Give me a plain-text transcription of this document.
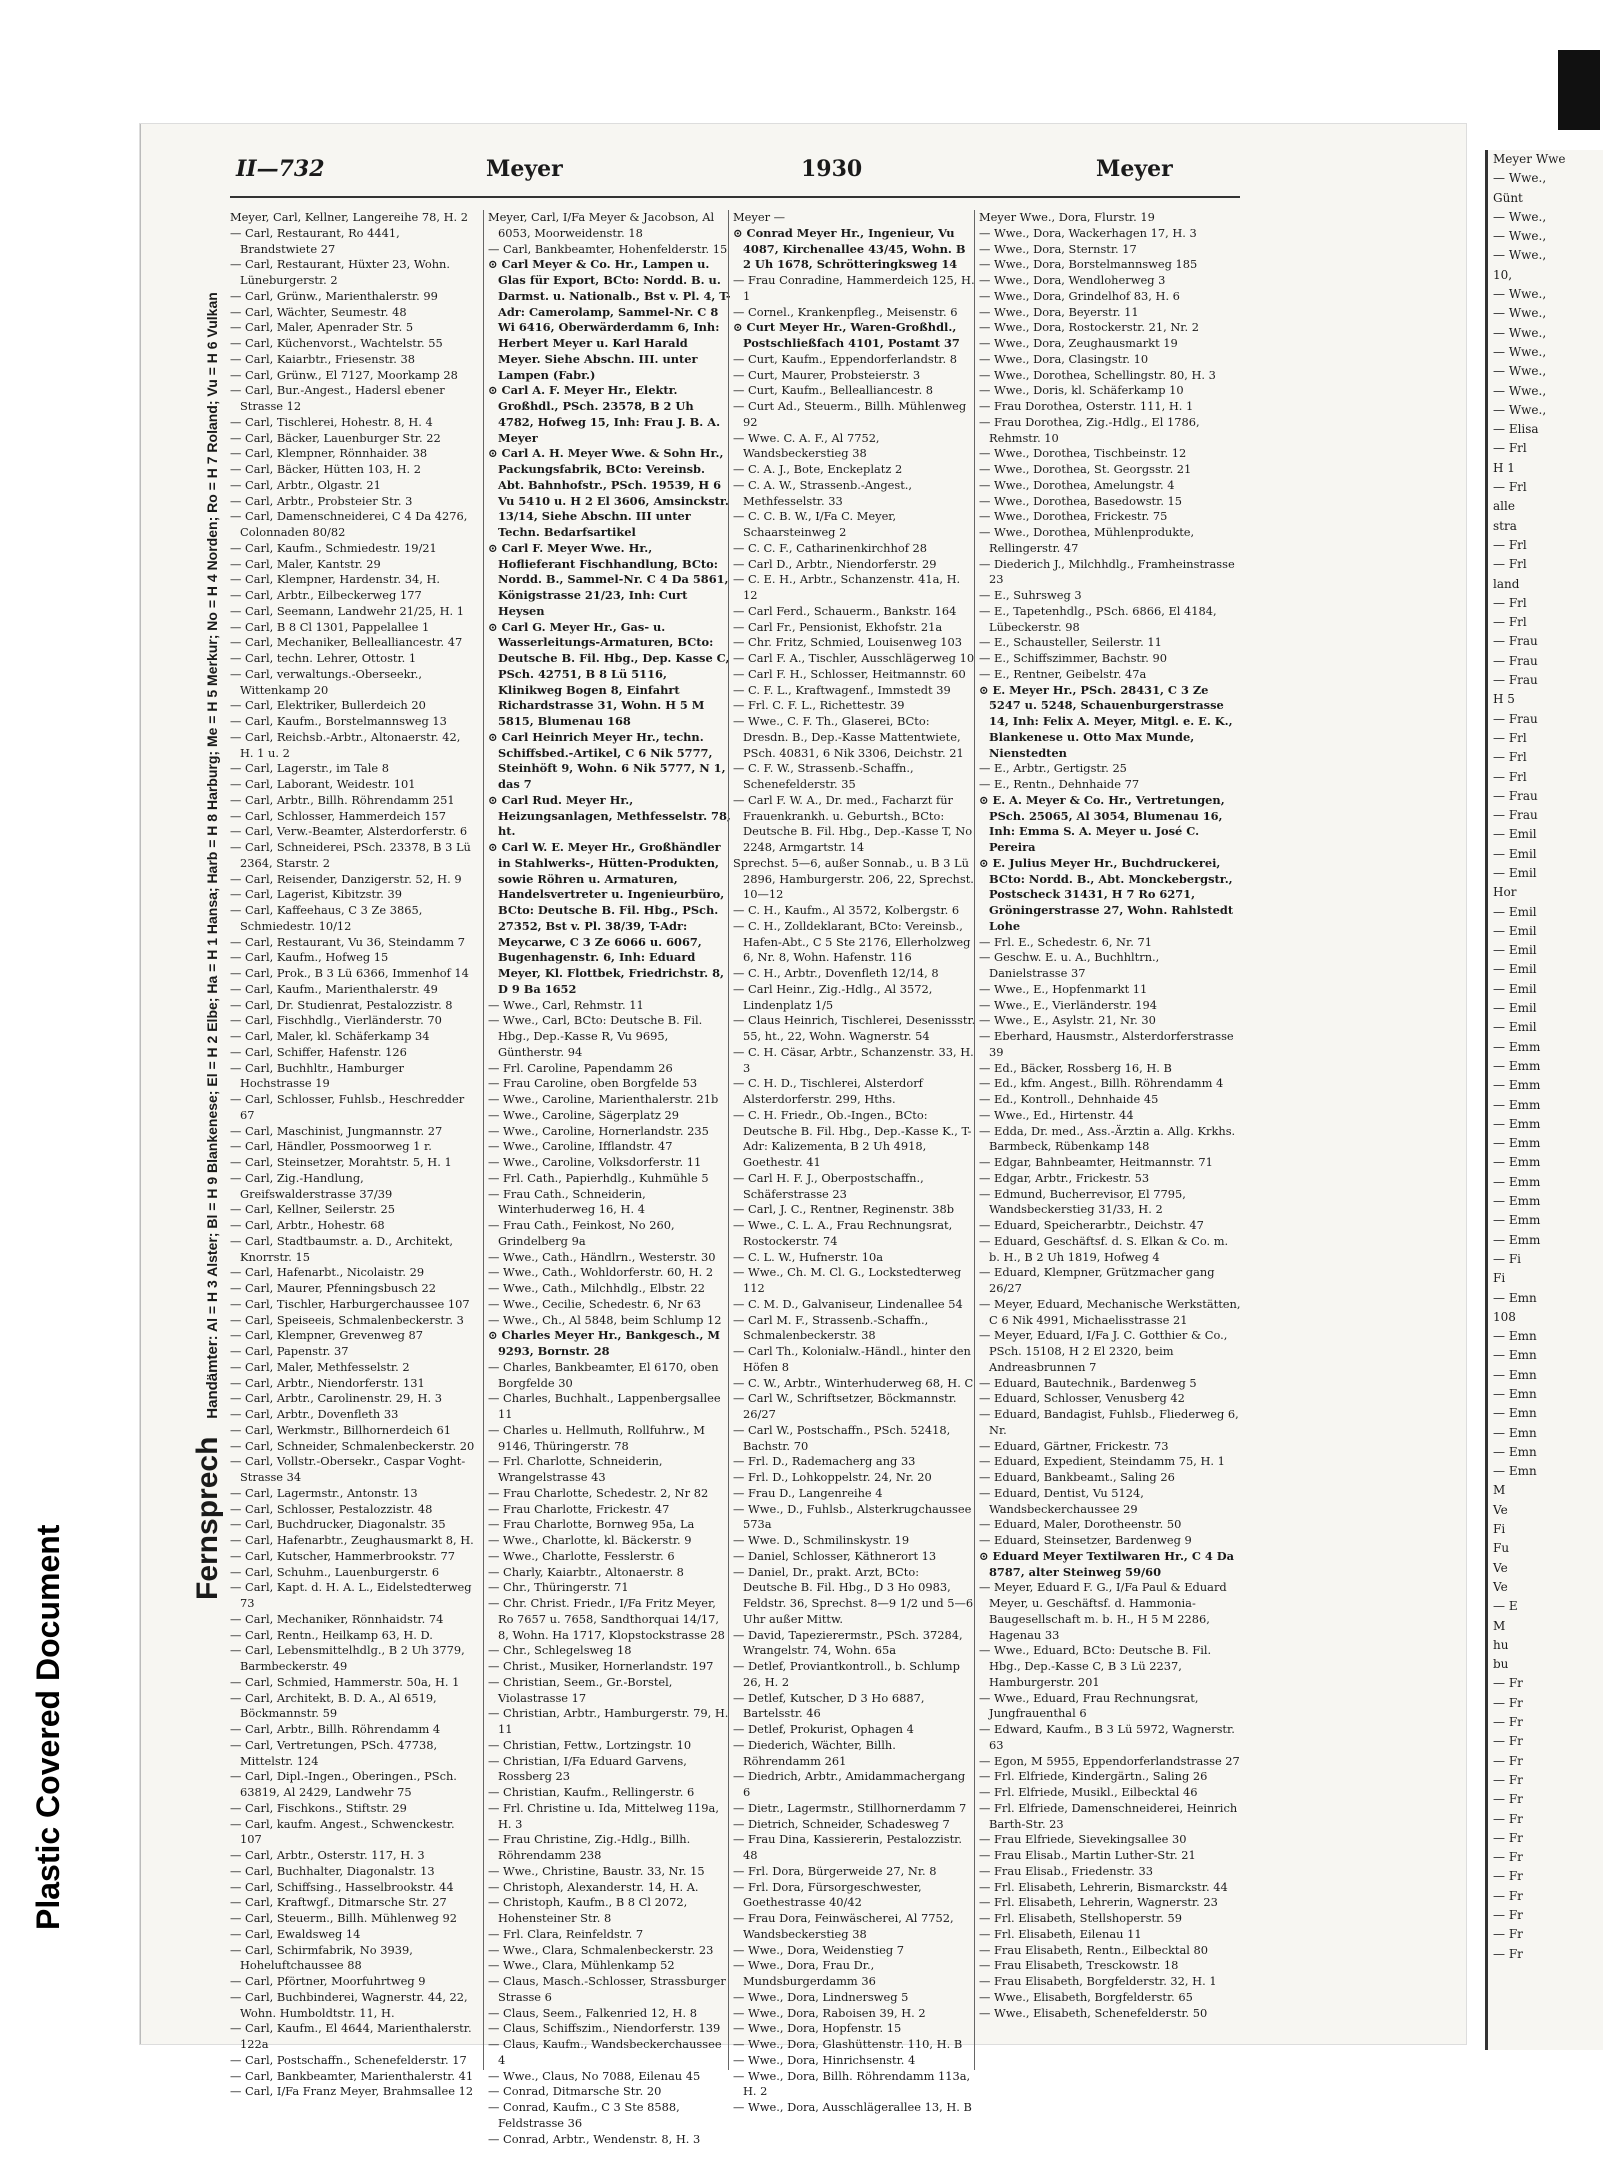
Plastic Covered Document
Meyer Wwe
— Wwe.,
Günt
— Wwe.,
— Wwe.,
— Wwe.,
10,
— Wwe.,
— Wwe.,
— Wwe.,
— Wwe.,
— Wwe.,
— Wwe.,
— Wwe.,
— Elisa
— Frl
H 1
— Frl
alle
stra
— Frl
— Frl
land
— Frl
— Frl
— Frau
— Frau
— Frau
H 5
— Frau
— Frl
— Frl
— Frl
— Frau
— Frau
— Emil
— Emil
— Emil
Hor
— Emil
— Emil
— Emil
— Emil
— Emil
— Emil
— Emil
— Emm
— Emm
— Emm
— Emm
— Emm
— Emm
— Emm
— Emm
— Emm
— Emm
— Emm
— Fi
Fi
— Emn
108
— Emn
— Emn
— Emn
— Emn
— Emn
— Emn
— Emn
— Emn
M
Ve
Fi
Fu
Ve
Ve
— E
M
hu
bu
— Fr
— Fr
— Fr
— Fr
— Fr
— Fr
— Fr
— Fr
— Fr
— Fr
— Fr
— Fr
— Fr
— Fr
— Fr
II—732	Meyer	1930	Meyer
Fernsprech Handämter: Al = H 3 Alster; Bl = H 9 Blankenese; El = H 2 Elbe; Ha = H 1 Hansa; Harb = H 8 Harburg; Me = H 5 Merkur; No = H 4 Norden; Ro = H 7 Roland; Vu = H 6 Vulkan
Meyer, Carl, Kellner, Langereihe 78, H. 2
— Carl, Restaurant, Ro 4441, Brandstwiete 27
— Carl, Restaurant, Hüxter 23, Wohn. Lüneburgerstr. 2
— Carl, Grünw., Marienthalerstr. 99
— Carl, Wächter, Seumestr. 48
— Carl, Maler, Apenrader Str. 5
— Carl, Küchenvorst., Wachtelstr. 55
— Carl, Kaiarbtr., Friesenstr. 38
— Carl, Grünw., El 7127, Moorkamp 28
— Carl, Bur.-Angest., Hadersl ebener Strasse 12
— Carl, Tischlerei, Hohestr. 8, H. 4
— Carl, Bäcker, Lauenburger Str. 22
— Carl, Klempner, Rönnhaider. 38
— Carl, Bäcker, Hütten 103, H. 2
— Carl, Arbtr., Olgastr. 21
— Carl, Arbtr., Probsteier Str. 3
— Carl, Damenschneiderei, C 4 Da 4276, Colonnaden 80/82
— Carl, Kaufm., Schmiedestr. 19/21
— Carl, Maler, Kantstr. 29
— Carl, Klempner, Hardenstr. 34, H.
— Carl, Arbtr., Eilbeckerweg 177
— Carl, Seemann, Landwehr 21/25, H. 1
— Carl, B 8 Cl 1301, Pappelallee 1
— Carl, Mechaniker, Bellealliancestr. 47
— Carl, techn. Lehrer, Ottostr. 1
— Carl, verwaltungs.-Oberseekr., Wittenkamp 20
— Carl, Elektriker, Bullerdeich 20
— Carl, Kaufm., Borstelmannsweg 13
— Carl, Reichsb.-Arbtr., Altonaerstr. 42, H. 1 u. 2
— Carl, Lagerstr., im Tale 8
— Carl, Laborant, Weidestr. 101
— Carl, Arbtr., Billh. Röhrendamm 251
— Carl, Schlosser, Hammerdeich 157
— Carl, Verw.-Beamter, Alsterdorferstr. 6
— Carl, Schneiderei, PSch. 23378, B 3 Lü 2364, Starstr. 2
— Carl, Reisender, Danzigerstr. 52, H. 9
— Carl, Lagerist, Kibitzstr. 39
— Carl, Kaffeehaus, C 3 Ze 3865, Schmiedestr. 10/12
— Carl, Restaurant, Vu 36, Steindamm 7
— Carl, Kaufm., Hofweg 15
— Carl, Prok., B 3 Lü 6366, Immenhof 14
— Carl, Kaufm., Marienthalerstr. 49
— Carl, Dr. Studienrat, Pestalozzistr. 8
— Carl, Fischhdlg., Vierländerstr. 70
— Carl, Maler, kl. Schäferkamp 34
— Carl, Schiffer, Hafenstr. 126
— Carl, Buchhltr., Hamburger Hochstrasse 19
— Carl, Schlosser, Fuhlsb., Heschredder 67
— Carl, Maschinist, Jungmannstr. 27
— Carl, Händler, Possmoorweg 1 r.
— Carl, Steinsetzer, Morahtstr. 5, H. 1
— Carl, Zig.-Handlung, Greifswalderstrasse 37/39
— Carl, Kellner, Seilerstr. 25
— Carl, Arbtr., Hohestr. 68
— Carl, Stadtbaumstr. a. D., Architekt, Knorrstr. 15
— Carl, Hafenarbt., Nicolaistr. 29
— Carl, Maurer, Pfenningsbusch 22
— Carl, Tischler, Harburgerchaussee 107
— Carl, Speiseeis, Schmalenbeckerstr. 3
— Carl, Klempner, Grevenweg 87
— Carl, Papenstr. 37
— Carl, Maler, Methfesselstr. 2
— Carl, Arbtr., Niendorferstr. 131
— Carl, Arbtr., Carolinenstr. 29, H. 3
— Carl, Arbtr., Dovenfleth 33
— Carl, Werkmstr., Billhornerdeich 61
— Carl, Schneider, Schmalenbeckerstr. 20
— Carl, Vollstr.-Obersekr., Caspar Voght-Strasse 34
— Carl, Lagermstr., Antonstr. 13
— Carl, Schlosser, Pestalozzistr. 48
— Carl, Buchdrucker, Diagonalstr. 35
— Carl, Hafenarbtr., Zeughausmarkt 8, H.
— Carl, Kutscher, Hammerbrookstr. 77
— Carl, Schuhm., Lauenburgerstr. 6
— Carl, Kapt. d. H. A. L., Eidelstedterweg 73
— Carl, Mechaniker, Rönnhaidstr. 74
— Carl, Rentn., Heilkamp 63, H. D.
— Carl, Lebensmittelhdlg., B 2 Uh 3779, Barmbeckerstr. 49
— Carl, Schmied, Hammerstr. 50a, H. 1
— Carl, Architekt, B. D. A., Al 6519, Böckmannstr. 59
— Carl, Arbtr., Billh. Röhrendamm 4
— Carl, Vertretungen, PSch. 47738, Mittelstr. 124
— Carl, Dipl.-Ingen., Oberingen., PSch. 63819, Al 2429, Landwehr 75
— Carl, Fischkons., Stiftstr. 29
— Carl, kaufm. Angest., Schwenckestr. 107
— Carl, Arbtr., Osterstr. 117, H. 3
— Carl, Buchhalter, Diagonalstr. 13
— Carl, Schiffsing., Hasselbrookstr. 44
— Carl, Kraftwgf., Ditmarsche Str. 27
— Carl, Steuerm., Billh. Mühlenweg 92
— Carl, Ewaldsweg 14
— Carl, Schirmfabrik, No 3939, Hoheluftchaussee 88
— Carl, Pförtner, Moorfuhrtweg 9
— Carl, Buchbinderei, Wagnerstr. 44, 22, Wohn. Humboldtstr. 11, H.
— Carl, Kaufm., El 4644, Marienthalerstr. 122a
— Carl, Postschaffn., Schenefelderstr. 17
— Carl, Bankbeamter, Marienthalerstr. 41
— Carl, I/Fa Franz Meyer, Brahmsallee 12
Meyer, Carl, I/Fa Meyer & Jacobson, Al 6053, Moorweidenstr. 18
— Carl, Bankbeamter, Hohenfelderstr. 15
⊙ Carl Meyer & Co. Hr., Lampen u. Glas für Export, BCto: Nordd. B. u. Darmst. u. Nationalb., Bst v. Pl. 4, T-Adr: Camerolamp, Sammel-Nr. C 8 Wi 6416, Oberwärderdamm 6, Inh: Herbert Meyer u. Karl Harald Meyer. Siehe Abschn. III. unter Lampen (Fabr.)
⊙ Carl A. F. Meyer Hr., Elektr. Großhdl., PSch. 23578, B 2 Uh 4782, Hofweg 15, Inh: Frau J. B. A. Meyer
⊙ Carl A. H. Meyer Wwe. & Sohn Hr., Packungsfabrik, BCto: Vereinsb. Abt. Bahnhofstr., PSch. 19539, H 6 Vu 5410 u. H 2 El 3606, Amsinckstr. 13/14, Siehe Abschn. III unter Techn. Bedarfsartikel
⊙ Carl F. Meyer Wwe. Hr., Hoflieferant Fischhandlung, BCto: Nordd. B., Sammel-Nr. C 4 Da 5861, Königstrasse 21/23, Inh: Curt Heysen
⊙ Carl G. Meyer Hr., Gas- u. Wasserleitungs-Armaturen, BCto: Deutsche B. Fil. Hbg., Dep. Kasse C, PSch. 42751, B 8 Lü 5116, Klinikweg Bogen 8, Einfahrt Richardstrasse 31, Wohn. H 5 M 5815, Blumenau 168
⊙ Carl Heinrich Meyer Hr., techn. Schiffsbed.-Artikel, C 6 Nik 5777, Steinhöft 9, Wohn. 6 Nik 5777, N 1, das 7
⊙ Carl Rud. Meyer Hr., Heizungsanlagen, Methfesselstr. 78, ht.
⊙ Carl W. E. Meyer Hr., Großhändler in Stahlwerks-, Hütten-Produkten, sowie Röhren u. Armaturen, Handelsvertreter u. Ingenieurbüro, BCto: Deutsche B. Fil. Hbg., PSch. 27352, Bst v. Pl. 38/39, T-Adr: Meycarwe, C 3 Ze 6066 u. 6067, Bugenhagenstr. 6, Inh: Eduard Meyer, Kl. Flottbek, Friedrichstr. 8, D 9 Ba 1652
— Wwe., Carl, Rehmstr. 11
— Wwe., Carl, BCto: Deutsche B. Fil. Hbg., Dep.-Kasse R, Vu 9695, Güntherstr. 94
— Frl. Caroline, Papendamm 26
— Frau Caroline, oben Borgfelde 53
— Wwe., Caroline, Marienthalerstr. 21b
— Wwe., Caroline, Sägerplatz 29
— Wwe., Caroline, Hornerlandstr. 235
— Wwe., Caroline, Ifflandstr. 47
— Wwe., Caroline, Volksdorferstr. 11
— Frl. Cath., Papierhdlg., Kuhmühle 5
— Frau Cath., Schneiderin, Winterhuderweg 16, H. 4
— Frau Cath., Feinkost, No 260, Grindelberg 9a
— Wwe., Cath., Händlrn., Westerstr. 30
— Wwe., Cath., Wohldorferstr. 60, H. 2
— Wwe., Cath., Milchhdlg., Elbstr. 22
— Wwe., Cecilie, Schedestr. 6, Nr 63
— Wwe., Ch., Al 5848, beim Schlump 12
⊙ Charles Meyer Hr., Bankgesch., M 9293, Bornstr. 28
— Charles, Bankbeamter, El 6170, oben Borgfelde 30
— Charles, Buchhalt., Lappenbergsallee 11
— Charles u. Hellmuth, Rollfuhrw., M 9146, Thüringerstr. 78
— Frl. Charlotte, Schneiderin, Wrangelstrasse 43
— Frau Charlotte, Schedestr. 2, Nr 82
— Frau Charlotte, Frickestr. 47
— Frau Charlotte, Bornweg 95a, La
— Wwe., Charlotte, kl. Bäckerstr. 9
— Wwe., Charlotte, Fesslerstr. 6
— Charly, Kaiarbtr., Altonaerstr. 8
— Chr., Thüringerstr. 71
— Chr. Christ. Friedr., I/Fa Fritz Meyer, Ro 7657 u. 7658, Sandthorquai 14/17, 8, Wohn. Ha 1717, Klopstockstrasse 28
— Chr., Schlegelsweg 18
— Christ., Musiker, Hornerlandstr. 197
— Christian, Seem., Gr.-Borstel, Violastrasse 17
— Christian, Arbtr., Hamburgerstr. 79, H. 11
— Christian, Fettw., Lortzingstr. 10
— Christian, I/Fa Eduard Garvens, Rossberg 23
— Christian, Kaufm., Rellingerstr. 6
— Frl. Christine u. Ida, Mittelweg 119a, H. 3
— Frau Christine, Zig.-Hdlg., Billh. Röhrendamm 238
— Wwe., Christine, Baustr. 33, Nr. 15
— Christoph, Alexanderstr. 14, H. A.
— Christoph, Kaufm., B 8 Cl 2072, Hohensteiner Str. 8
— Frl. Clara, Reinfeldstr. 7
— Wwe., Clara, Schmalenbeckerstr. 23
— Wwe., Clara, Mühlenkamp 52
— Claus, Masch.-Schlosser, Strassburger Strasse 6
— Claus, Seem., Falkenried 12, H. 8
— Claus, Schiffszim., Niendorferstr. 139
— Claus, Kaufm., Wandsbeckerchaussee 4
— Wwe., Claus, No 7088, Eilenau 45
— Conrad, Ditmarsche Str. 20
— Conrad, Kaufm., C 3 Ste 8588, Feldstrasse 36
— Conrad, Arbtr., Wendenstr. 8, H. 3
Meyer —
⊙ Conrad Meyer Hr., Ingenieur, Vu 4087, Kirchenallee 43/45, Wohn. B 2 Uh 1678, Schrötteringksweg 14
— Frau Conradine, Hammerdeich 125, H. 1
— Cornel., Krankenpfleg., Meisenstr. 6
⊙ Curt Meyer Hr., Waren-Großhdl., Postschließfach 4101, Postamt 37
— Curt, Kaufm., Eppendorferlandstr. 8
— Curt, Maurer, Probsteierstr. 3
— Curt, Kaufm., Bellealliancestr. 8
— Curt Ad., Steuerm., Billh. Mühlenweg 92
— Wwe. C. A. F., Al 7752, Wandsbeckerstieg 38
— C. A. J., Bote, Enckeplatz 2
— C. A. W., Strassenb.-Angest., Methfesselstr. 33
— C. C. B. W., I/Fa C. Meyer, Schaarsteinweg 2
— C. C. F., Catharinenkirchhof 28
— Carl D., Arbtr., Niendorferstr. 29
— C. E. H., Arbtr., Schanzenstr. 41a, H. 12
— Carl Ferd., Schauerm., Bankstr. 164
— Carl Fr., Pensionist, Ekhofstr. 21a
— Chr. Fritz, Schmied, Louisenweg 103
— Carl F. A., Tischler, Ausschlägerweg 10
— Carl F. H., Schlosser, Heitmannstr. 60
— C. F. L., Kraftwagenf., Immstedt 39
— Frl. C. F. L., Richettestr. 39
— Wwe., C. F. Th., Glaserei, BCto: Dresdn. B., Dep.-Kasse Mattentwiete, PSch. 40831, 6 Nik 3306, Deichstr. 21
— C. F. W., Strassenb.-Schaffn., Schenefelderstr. 35
— Carl F. W. A., Dr. med., Facharzt für Frauenkrankh. u. Geburtsh., BCto: Deutsche B. Fil. Hbg., Dep.-Kasse T, No 2248, Armgartstr. 14
Sprechst. 5—6, außer Sonnab., u. B 3 Lü 2896, Hamburgerstr. 206, 22, Sprechst. 10—12
— C. H., Kaufm., Al 3572, Kolbergstr. 6
— C. H., Zolldeklarant, BCto: Vereinsb., Hafen-Abt., C 5 Ste 2176, Ellerholzweg 6, Nr. 8, Wohn. Hafenstr. 116
— C. H., Arbtr., Dovenfleth 12/14, 8
— Carl Heinr., Zig.-Hdlg., Al 3572, Lindenplatz 1/5
— Claus Heinrich, Tischlerei, Desenissstr. 55, ht., 22, Wohn. Wagnerstr. 54
— C. H. Cäsar, Arbtr., Schanzenstr. 33, H. 3
— C. H. D., Tischlerei, Alsterdorf Alsterdorferstr. 299, Hths.
— C. H. Friedr., Ob.-Ingen., BCto: Deutsche B. Fil. Hbg., Dep.-Kasse K., T-Adr: Kalizementa, B 2 Uh 4918, Goethestr. 41
— Carl H. F. J., Oberpostschaffn., Schäferstrasse 23
— Carl, J. C., Rentner, Reginenstr. 38b
— Wwe., C. L. A., Frau Rechnungsrat, Rostockerstr. 74
— C. L. W., Hufnerstr. 10a
— Wwe., Ch. M. Cl. G., Lockstedterweg 112
— C. M. D., Galvaniseur, Lindenallee 54
— Carl M. F., Strassenb.-Schaffn., Schmalenbeckerstr. 38
— Carl Th., Kolonialw.-Händl., hinter den Höfen 8
— C. W., Arbtr., Winterhuderweg 68, H. C
— Carl W., Schriftsetzer, Böckmannstr. 26/27
— Carl W., Postschaffn., PSch. 52418, Bachstr. 70
— Frl. D., Rademacherg ang 33
— Frl. D., Lohkoppelstr. 24, Nr. 20
— Frau D., Langenreihe 4
— Wwe., D., Fuhlsb., Alsterkrugchaussee 573a
— Wwe. D., Schmilinskystr. 19
— Daniel, Schlosser, Käthnerort 13
— Daniel, Dr., prakt. Arzt, BCto: Deutsche B. Fil. Hbg., D 3 Ho 0983, Feldstr. 36, Sprechst. 8—9 1/2 und 5—6 Uhr außer Mittw.
— David, Tapezierermstr., PSch. 37284, Wrangelstr. 74, Wohn. 65a
— Detlef, Proviantkontroll., b. Schlump 26, H. 2
— Detlef, Kutscher, D 3 Ho 6887, Bartelsstr. 46
— Detlef, Prokurist, Ophagen 4
— Diederich, Wächter, Billh. Röhrendamm 261
— Diedrich, Arbtr., Amidammachergang 6
— Dietr., Lagermstr., Stillhornerdamm 7
— Dietrich, Schneider, Schadesweg 7
— Frau Dina, Kassiererin, Pestalozzistr. 48
— Frl. Dora, Bürgerweide 27, Nr. 8
— Frl. Dora, Fürsorgeschwester, Goethestrasse 40/42
— Frau Dora, Feinwäscherei, Al 7752, Wandsbeckerstieg 38
— Wwe., Dora, Weidenstieg 7
— Wwe., Dora, Frau Dr., Mundsburgerdamm 36
— Wwe., Dora, Lindnersweg 5
— Wwe., Dora, Raboisen 39, H. 2
— Wwe., Dora, Hopfenstr. 15
— Wwe., Dora, Glashüttenstr. 110, H. B
— Wwe., Dora, Hinrichsenstr. 4
— Wwe., Dora, Billh. Röhrendamm 113a, H. 2
— Wwe., Dora, Ausschlägerallee 13, H. B
Meyer Wwe., Dora, Flurstr. 19
— Wwe., Dora, Wackerhagen 17, H. 3
— Wwe., Dora, Sternstr. 17
— Wwe., Dora, Borstelmannsweg 185
— Wwe., Dora, Wendloherweg 3
— Wwe., Dora, Grindelhof 83, H. 6
— Wwe., Dora, Beyerstr. 11
— Wwe., Dora, Rostockerstr. 21, Nr. 2
— Wwe., Dora, Zeughausmarkt 19
— Wwe., Dora, Clasingstr. 10
— Wwe., Dorothea, Schellingstr. 80, H. 3
— Wwe., Doris, kl. Schäferkamp 10
— Frau Dorothea, Osterstr. 111, H. 1
— Frau Dorothea, Zig.-Hdlg., El 1786, Rehmstr. 10
— Wwe., Dorothea, Tischbeinstr. 12
— Wwe., Dorothea, St. Georgsstr. 21
— Wwe., Dorothea, Amelungstr. 4
— Wwe., Dorothea, Basedowstr. 15
— Wwe., Dorothea, Frickestr. 75
— Wwe., Dorothea, Mühlenprodukte, Rellingerstr. 47
— Diederich J., Milchhdlg., Framheinstrasse 23
— E., Suhrsweg 3
— E., Tapetenhdlg., PSch. 6866, El 4184, Lübeckerstr. 98
— E., Schausteller, Seilerstr. 11
— E., Schiffszimmer, Bachstr. 90
— E., Rentner, Geibelstr. 47a
⊙ E. Meyer Hr., PSch. 28431, C 3 Ze 5247 u. 5248, Schauenburgerstrasse 14, Inh: Felix A. Meyer, Mitgl. e. E. K., Blankenese u. Otto Max Munde, Nienstedten
— E., Arbtr., Gertigstr. 25
— E., Rentn., Dehnhaide 77
⊙ E. A. Meyer & Co. Hr., Vertretungen, PSch. 25065, Al 3054, Blumenau 16, Inh: Emma S. A. Meyer u. José C. Pereira
⊙ E. Julius Meyer Hr., Buchdruckerei, BCto: Nordd. B., Abt. Monckebergstr., Postscheck 31431, H 7 Ro 6271, Gröningerstrasse 27, Wohn. Rahlstedt Lohe
— Frl. E., Schedestr. 6, Nr. 71
— Geschw. E. u. A., Buchhltrn., Danielstrasse 37
— Wwe., E., Hopfenmarkt 11
— Wwe., E., Vierländerstr. 194
— Wwe., E., Asylstr. 21, Nr. 30
— Eberhard, Hausmstr., Alsterdorferstrasse 39
— Ed., Bäcker, Rossberg 16, H. B
— Ed., kfm. Angest., Billh. Röhrendamm 4
— Ed., Kontroll., Dehnhaide 45
— Wwe., Ed., Hirtenstr. 44
— Edda, Dr. med., Ass.-Ärztin a. Allg. Krkhs. Barmbeck, Rübenkamp 148
— Edgar, Bahnbeamter, Heitmannstr. 71
— Edgar, Arbtr., Frickestr. 53
— Edmund, Bucherrevisor, El 7795, Wandsbeckerstieg 31/33, H. 2
— Eduard, Speicherarbtr., Deichstr. 47
— Eduard, Geschäftsf. d. S. Elkan & Co. m. b. H., B 2 Uh 1819, Hofweg 4
— Eduard, Klempner, Grützmacher gang 26/27
— Meyer, Eduard, Mechanische Werkstätten, C 6 Nik 4991, Michaelisstrasse 21
— Meyer, Eduard, I/Fa J. C. Gotthier & Co., PSch. 15108, H 2 El 2320, beim Andreasbrunnen 7
— Eduard, Bautechnik., Bardenweg 5
— Eduard, Schlosser, Venusberg 42
— Eduard, Bandagist, Fuhlsb., Fliederweg 6, Nr.
— Eduard, Gärtner, Frickestr. 73
— Eduard, Expedient, Steindamm 75, H. 1
— Eduard, Bankbeamt., Saling 26
— Eduard, Dentist, Vu 5124, Wandsbeckerchaussee 29
— Eduard, Maler, Dorotheenstr. 50
— Eduard, Steinsetzer, Bardenweg 9
⊙ Eduard Meyer Textilwaren Hr., C 4 Da 8787, alter Steinweg 59/60
— Meyer, Eduard F. G., I/Fa Paul & Eduard Meyer, u. Geschäftsf. d. Hammonia-Baugesellschaft m. b. H., H 5 M 2286, Hagenau 33
— Wwe., Eduard, BCto: Deutsche B. Fil. Hbg., Dep.-Kasse C, B 3 Lü 2237, Hamburgerstr. 201
— Wwe., Eduard, Frau Rechnungsrat, Jungfrauenthal 6
— Edward, Kaufm., B 3 Lü 5972, Wagnerstr. 63
— Egon, M 5955, Eppendorferlandstrasse 27
— Frl. Elfriede, Kindergärtn., Saling 26
— Frl. Elfriede, Musikl., Eilbecktal 46
— Frl. Elfriede, Damenschneiderei, Heinrich Barth-Str. 23
— Frau Elfriede, Sievekingsallee 30
— Frau Elisab., Martin Luther-Str. 21
— Frau Elisab., Friedenstr. 33
— Frl. Elisabeth, Lehrerin, Bismarckstr. 44
— Frl. Elisabeth, Lehrerin, Wagnerstr. 23
— Frl. Elisabeth, Stellshoperstr. 59
— Frl. Elisabeth, Eilenau 11
— Frau Elisabeth, Rentn., Eilbecktal 80
— Frau Elisabeth, Tresckowstr. 18
— Frau Elisabeth, Borgfelderstr. 32, H. 1
— Wwe., Elisabeth, Borgfelderstr. 65
— Wwe., Elisabeth, Schenefelderstr. 50
